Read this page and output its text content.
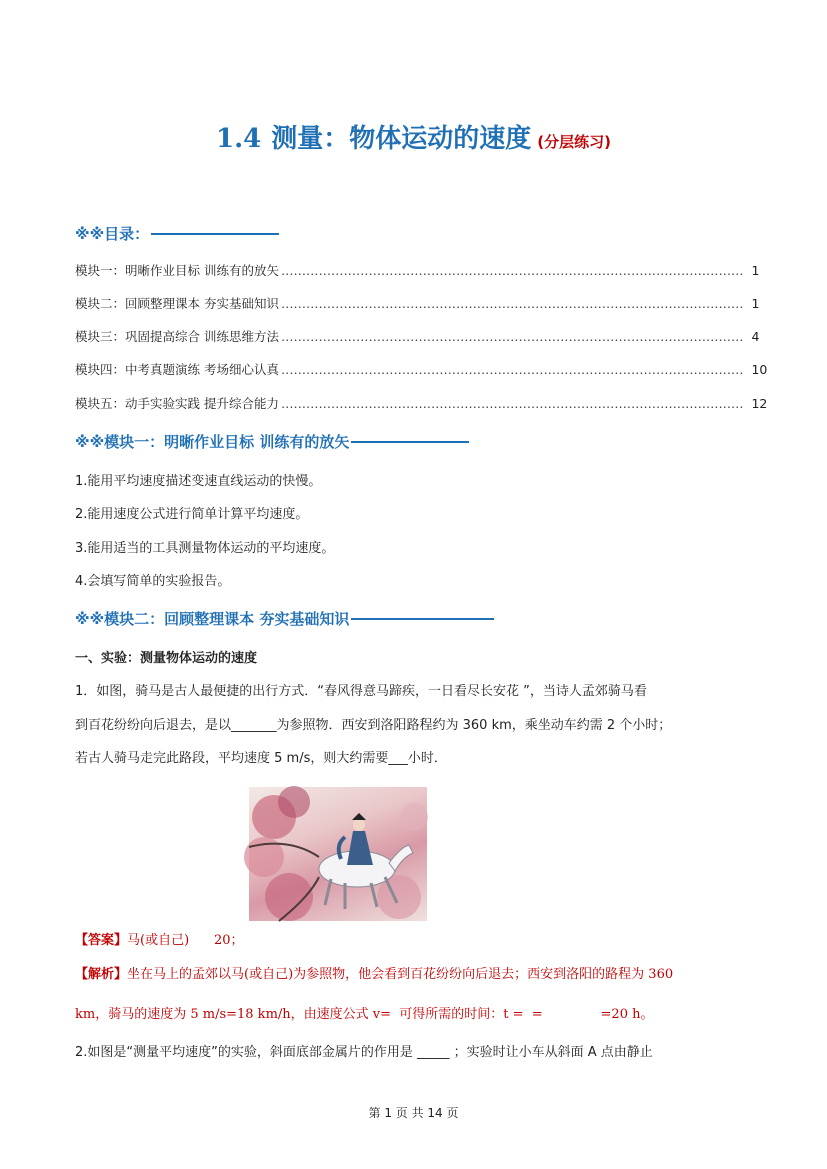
1.4 测量：物体运动的速度 (分层练习)
※※目录：
模块一：明晰作业目标 训练有的放矢 ………………………………………………………………………………………………… 1
模块二：回顾整理课本 夯实基础知识 ………………………………………………………………………………………………… 1
模块三：巩固提高综合 训练思维方法 ………………………………………………………………………………………………… 4
模块四：中考真题演练 考场细心认真 ………………………………………………………………………………………………… 10
模块五：动手实验实践 提升综合能力 ………………………………………………………………………………………………… 12
※※模块一：明晰作业目标 训练有的放矢
1.能用平均速度描述变速直线运动的快慢。
2.能用速度公式进行简单计算平均速度。
3.能用适当的工具测量物体运动的平均速度。
4.会填写简单的实验报告。
※※模块二：回顾整理课本 夯实基础知识
一、实验：测量物体运动的速度
1．如图，骑马是古人最便捷的出行方式．“春风得意马蹄疾，一日看尽长安花 ”，当诗人孟郊骑马看
到百花纷纷向后退去，是以_______为参照物．西安到洛阳路程约为 360 km，乘坐动车约需 2 个小时；
若古人骑马走完此路段，平均速度 5 m/s，则大约需要___小时．
【答案】马(或自己)      20；
【解析】坐在马上的孟郊以马(或自己)为参照物，他会看到百花纷纷向后退去；西安到洛阳的路程为 360
km，骑马的速度为 5 m/s=18 km/h，由速度公式 v=  可得所需的时间：t =  =              =20 h。
2.如图是“测量平均速度”的实验，斜面底部金属片的作用是 _____ ；实验时让小车从斜面 A 点由静止
第 1 页 共 14 页
